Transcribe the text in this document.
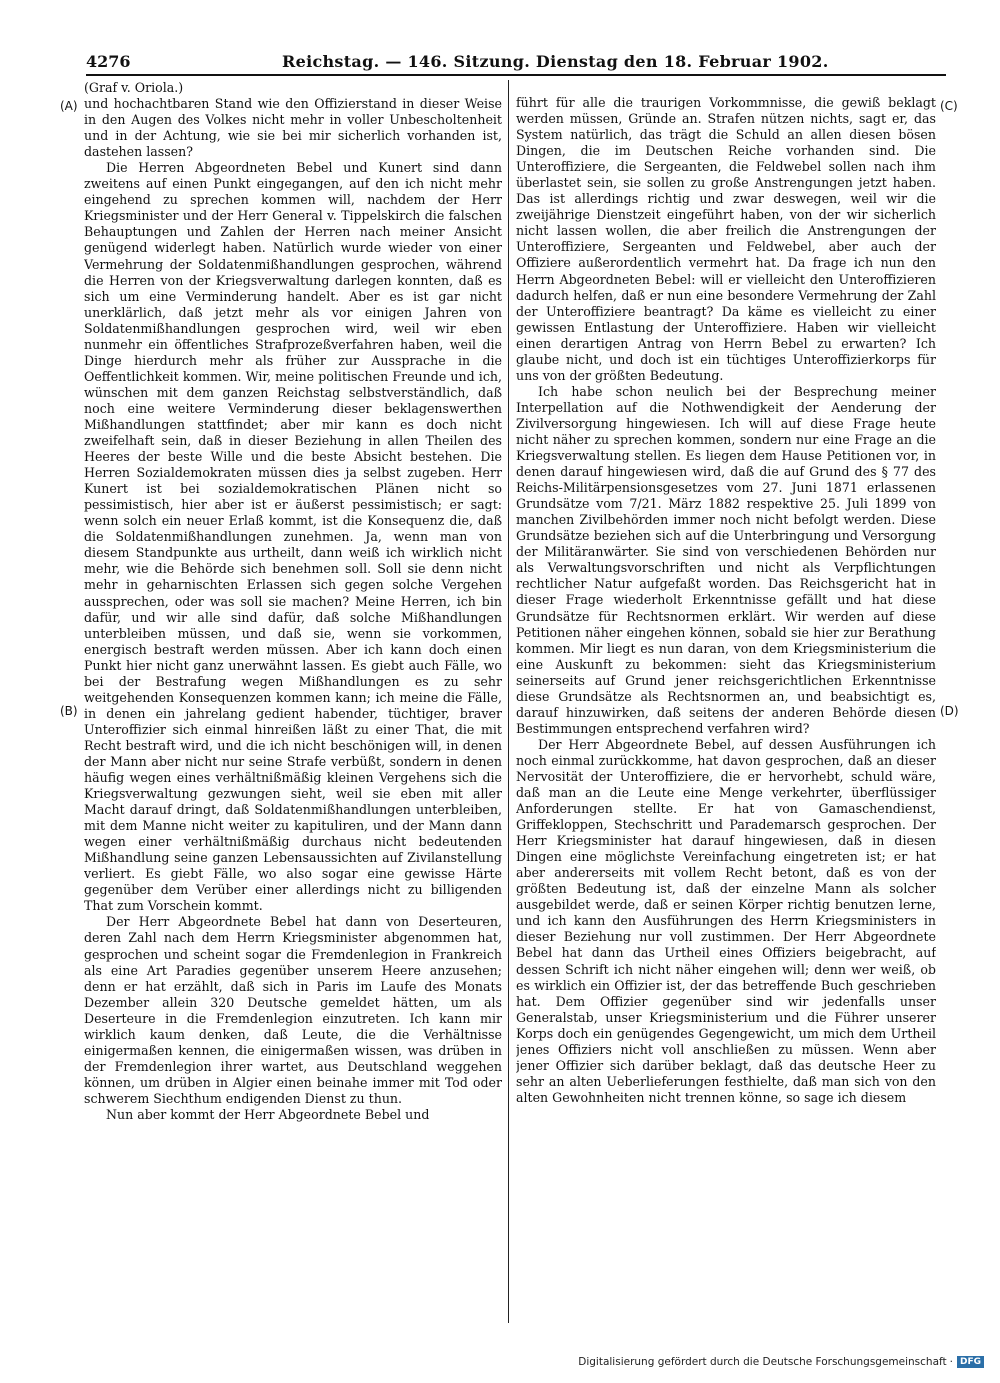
4276	Reichstag. — 146. Sitzung. Dienstag den 18. Februar 1902.
(A)
(B)
(C)
(D)
(Graf v. Oriola.)

und hochachtbaren Stand wie den Offizierstand in dieser Weise in den Augen des Volkes nicht mehr in voller Unbescholtenheit und in der Achtung, wie sie bei mir sicherlich vorhanden ist, dastehen lassen?

Die Herren Abgeordneten Bebel und Kunert sind dann zweitens auf einen Punkt eingegangen, auf den ich nicht mehr eingehend zu sprechen kommen will, nachdem der Herr Kriegsminister und der Herr General v. Tippelskirch die falschen Behauptungen und Zahlen der Herren nach meiner Ansicht genügend widerlegt haben. Natürlich wurde wieder von einer Vermehrung der Soldatenmißhandlungen gesprochen, während die Herren von der Kriegsverwaltung darlegen konnten, daß es sich um eine Verminderung handelt. Aber es ist gar nicht unerklärlich, daß jetzt mehr als vor einigen Jahren von Soldatenmißhandlungen gesprochen wird, weil wir eben nunmehr ein öffentliches Strafprozeßverfahren haben, weil die Dinge hierdurch mehr als früher zur Aussprache in die Oeffentlichkeit kommen. Wir, meine politischen Freunde und ich, wünschen mit dem ganzen Reichstag selbstverständlich, daß noch eine weitere Verminderung dieser beklagenswerthen Mißhandlungen stattfindet; aber mir kann es doch nicht zweifelhaft sein, daß in dieser Beziehung in allen Theilen des Heeres der beste Wille und die beste Absicht bestehen. Die Herren Sozialdemokraten müssen dies ja selbst zugeben. Herr Kunert ist bei sozialdemokratischen Plänen nicht so pessimistisch, hier aber ist er äußerst pessimistisch; er sagt: wenn solch ein neuer Erlaß kommt, ist die Konsequenz die, daß die Soldatenmißhandlungen zunehmen. Ja, wenn man von diesem Standpunkte aus urtheilt, dann weiß ich wirklich nicht mehr, wie die Behörde sich benehmen soll. Soll sie denn nicht mehr in geharnischten Erlassen sich gegen solche Vergehen aussprechen, oder was soll sie machen? Meine Herren, ich bin dafür, und wir alle sind dafür, daß solche Mißhandlungen unterbleiben müssen, und daß sie, wenn sie vorkommen, energisch bestraft werden müssen. Aber ich kann doch einen Punkt hier nicht ganz unerwähnt lassen. Es giebt auch Fälle, wo bei der Bestrafung wegen Mißhandlungen es zu sehr weitgehenden Konsequenzen kommen kann; ich meine die Fälle, in denen ein jahrelang gedient habender, tüchtiger, braver Unteroffizier sich einmal hinreißen läßt zu einer That, die mit Recht bestraft wird, und die ich nicht beschönigen will, in denen der Mann aber nicht nur seine Strafe verbüßt, sondern in denen häufig wegen eines verhältnißmäßig kleinen Vergehens sich die Kriegsverwaltung gezwungen sieht, weil sie eben mit aller Macht darauf dringt, daß Soldatenmißhandlungen unterbleiben, mit dem Manne nicht weiter zu kapituliren, und der Mann dann wegen einer verhältnißmäßig durchaus nicht bedeutenden Mißhandlung seine ganzen Lebensaussichten auf Zivilanstellung verliert. Es giebt Fälle, wo also sogar eine gewisse Härte gegenüber dem Verüber einer allerdings nicht zu billigenden That zum Vorschein kommt.

Der Herr Abgeordnete Bebel hat dann von Deserteuren, deren Zahl nach dem Herrn Kriegsminister abgenommen hat, gesprochen und scheint sogar die Fremdenlegion in Frankreich als eine Art Paradies gegenüber unserem Heere anzusehen; denn er hat erzählt, daß sich in Paris im Laufe des Monats Dezember allein 320 Deutsche gemeldet hätten, um als Deserteure in die Fremdenlegion einzutreten. Ich kann mir wirklich kaum denken, daß Leute, die die Verhältnisse einigermaßen kennen, die einigermaßen wissen, was drüben in der Fremdenlegion ihrer wartet, aus Deutschland weggehen können, um drüben in Algier einen beinahe immer mit Tod oder schwerem Siechthum endigenden Dienst zu thun.

Nun aber kommt der Herr Abgeordnete Bebel und

führt für alle die traurigen Vorkommnisse, die gewiß beklagt werden müssen, Gründe an. Strafen nützen nichts, sagt er, das System natürlich, das trägt die Schuld an allen diesen bösen Dingen, die im Deutschen Reiche vorhanden sind. Die Unteroffiziere, die Sergeanten, die Feldwebel sollen nach ihm überlastet sein, sie sollen zu große Anstrengungen jetzt haben. Das ist allerdings richtig und zwar deswegen, weil wir die zweijährige Dienstzeit eingeführt haben, von der wir sicherlich nicht lassen wollen, die aber freilich die Anstrengungen der Unteroffiziere, Sergeanten und Feldwebel, aber auch der Offiziere außerordentlich vermehrt hat. Da frage ich nun den Herrn Abgeordneten Bebel: will er vielleicht den Unteroffizieren dadurch helfen, daß er nun eine besondere Vermehrung der Zahl der Unteroffiziere beantragt? Da käme es vielleicht zu einer gewissen Entlastung der Unteroffiziere. Haben wir vielleicht einen derartigen Antrag von Herrn Bebel zu erwarten? Ich glaube nicht, und doch ist ein tüchtiges Unteroffizierkorps für uns von der größten Bedeutung.

Ich habe schon neulich bei der Besprechung meiner Interpellation auf die Nothwendigkeit der Aenderung der Zivilversorgung hingewiesen. Ich will auf diese Frage heute nicht näher zu sprechen kommen, sondern nur eine Frage an die Kriegsverwaltung stellen. Es liegen dem Hause Petitionen vor, in denen darauf hingewiesen wird, daß die auf Grund des § 77 des Reichs-Militärpensionsgesetzes vom 27. Juni 1871 erlassenen Grundsätze vom 7/21. März 1882 respektive 25. Juli 1899 von manchen Zivilbehörden immer noch nicht befolgt werden. Diese Grundsätze beziehen sich auf die Unterbringung und Versorgung der Militäranwärter. Sie sind von verschiedenen Behörden nur als Verwaltungsvorschriften und nicht als Verpflichtungen rechtlicher Natur aufgefaßt worden. Das Reichsgericht hat in dieser Frage wiederholt Erkenntnisse gefällt und hat diese Grundsätze für Rechtsnormen erklärt. Wir werden auf diese Petitionen näher eingehen können, sobald sie hier zur Berathung kommen. Mir liegt es nun daran, von dem Kriegsministerium die eine Auskunft zu bekommen: sieht das Kriegsministerium seinerseits auf Grund jener reichsgerichtlichen Erkenntnisse diese Grundsätze als Rechtsnormen an, und beabsichtigt es, darauf hinzuwirken, daß seitens der anderen Behörde diesen Bestimmungen entsprechend verfahren wird?

Der Herr Abgeordnete Bebel, auf dessen Ausführungen ich noch einmal zurückkomme, hat davon gesprochen, daß an dieser Nervosität der Unteroffiziere, die er hervorhebt, schuld wäre, daß man an die Leute eine Menge verkehrter, überflüssiger Anforderungen stellte. Er hat von Gamaschendienst, Griffekloppen, Stechschritt und Parademarsch gesprochen. Der Herr Kriegsminister hat darauf hingewiesen, daß in diesen Dingen eine möglichste Vereinfachung eingetreten ist; er hat aber andererseits mit vollem Recht betont, daß es von der größten Bedeutung ist, daß der einzelne Mann als solcher ausgebildet werde, daß er seinen Körper richtig benutzen lerne, und ich kann den Ausführungen des Herrn Kriegsministers in dieser Beziehung nur voll zustimmen. Der Herr Abgeordnete Bebel hat dann das Urtheil eines Offiziers beigebracht, auf dessen Schrift ich nicht näher eingehen will; denn wer weiß, ob es wirklich ein Offizier ist, der das betreffende Buch geschrieben hat. Dem Offizier gegenüber sind wir jedenfalls unser Generalstab, unser Kriegsministerium und die Führer unserer Korps doch ein genügendes Gegengewicht, um mich dem Urtheil jenes Offiziers nicht voll anschließen zu müssen. Wenn aber jener Offizier sich darüber beklagt, daß das deutsche Heer zu sehr an alten Ueberlieferungen festhielte, daß man sich von den alten Gewohnheiten nicht trennen könne, so sage ich diesem

Digitalisierung gefördert durch die Deutsche Forschungsgemeinschaft · DFG
